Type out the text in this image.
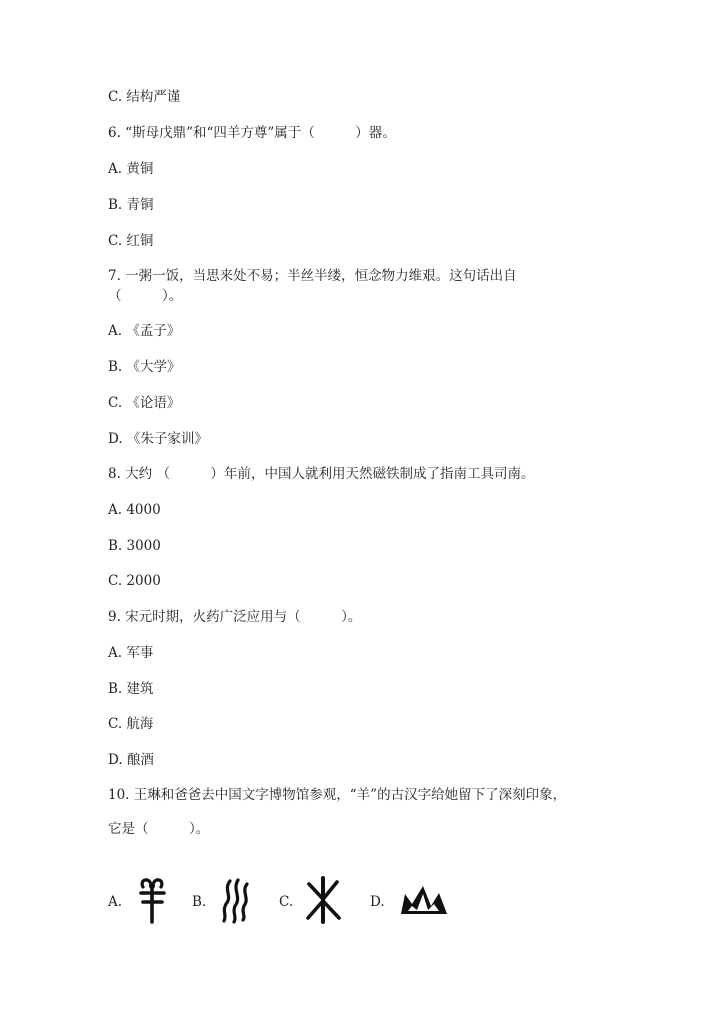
C. 结构严谨
6. “斯母戊鼎”和“四羊方尊”属于（　　　）器。
A. 黄铜
B. 青铜
C. 红铜
7. 一粥一饭，当思来处不易；半丝半缕，恒念物力维艰。这句话出自
（　　　）。
A. 《孟子》
B. 《大学》
C. 《论语》
D. 《朱子家训》
8. 大约 （　　　）年前，中国人就利用天然磁铁制成了指南工具司南。
A. 4000
B. 3000
C. 2000
9. 宋元时期，火药广泛应用与（　　　）。
A. 军事
B. 建筑
C. 航海
D. 酿酒
10. 王琳和爸爸去中国文字博物馆参观，“羊”的古汉字给她留下了深刻印象，
它是（　　　）。
A.	B.	C.	D.
